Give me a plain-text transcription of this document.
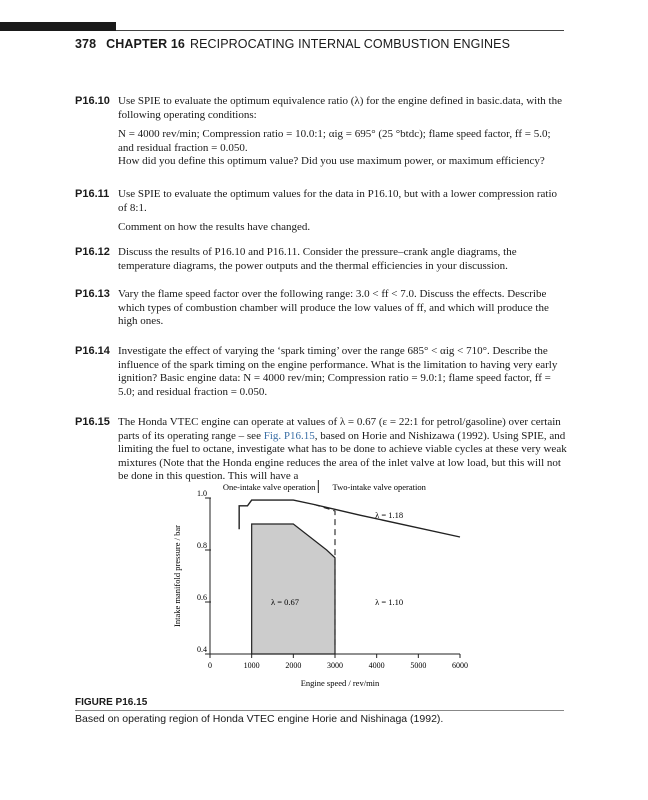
378 CHAPTER 16 RECIPROCATING INTERNAL COMBUSTION ENGINES
P16.10 Use SPIE to evaluate the optimum equivalence ratio (λ) for the engine defined in basic.data, with the following operating conditions:

N = 4000 rev/min; Compression ratio = 10.0:1; αig = 695° (25 °btdc); flame speed factor, ff = 5.0; and residual fraction = 0.050.

How did you define this optimum value? Did you use maximum power, or maximum efficiency?

P16.11 Use SPIE to evaluate the optimum values for the data in P16.10, but with a lower compression ratio of 8:1.

Comment on how the results have changed.

P16.12 Discuss the results of P16.10 and P16.11. Consider the pressure–crank angle diagrams, the temperature diagrams, the power outputs and the thermal efficiencies in your discussion.

P16.13 Vary the flame speed factor over the following range: 3.0 < ff < 7.0. Discuss the effects. Describe which types of combustion chamber will produce the low values of ff, and which will produce the high ones.

P16.14 Investigate the effect of varying the ‘spark timing’ over the range 685° < αig < 710°. Describe the influence of the spark timing on the engine performance. What is the limitation to having very early ignition? Basic engine data: N = 4000 rev/min; Compression ratio = 9.0:1; flame speed factor, ff = 5.0; and residual fraction = 0.050.

P16.15 The Honda VTEC engine can operate at values of λ = 0.67 (ε = 22:1 for petrol/gasoline) over certain parts of its operating range – see Fig. P16.15, based on Horie and Nishizawa (1992). Using SPIE, and limiting the fuel to octane, investigate what has to be done to achieve viable cycles at these very weak mixtures (Note that the Honda engine reduces the area of the inlet valve at low load, but this will not be done in this question. This will have a

0	1000	2000	3000	4000	5000	6000
0.4
0.6
0.8
1.0
One-intake valve operation Two-intake valve operation
Intake manifold pressure / bar
Engine speed / rev/min
λ = 0.67	λ = 1.10
λ = 1.18
FIGURE P16.15
Based on operating region of Honda VTEC engine Horie and Nishinaga (1992).
